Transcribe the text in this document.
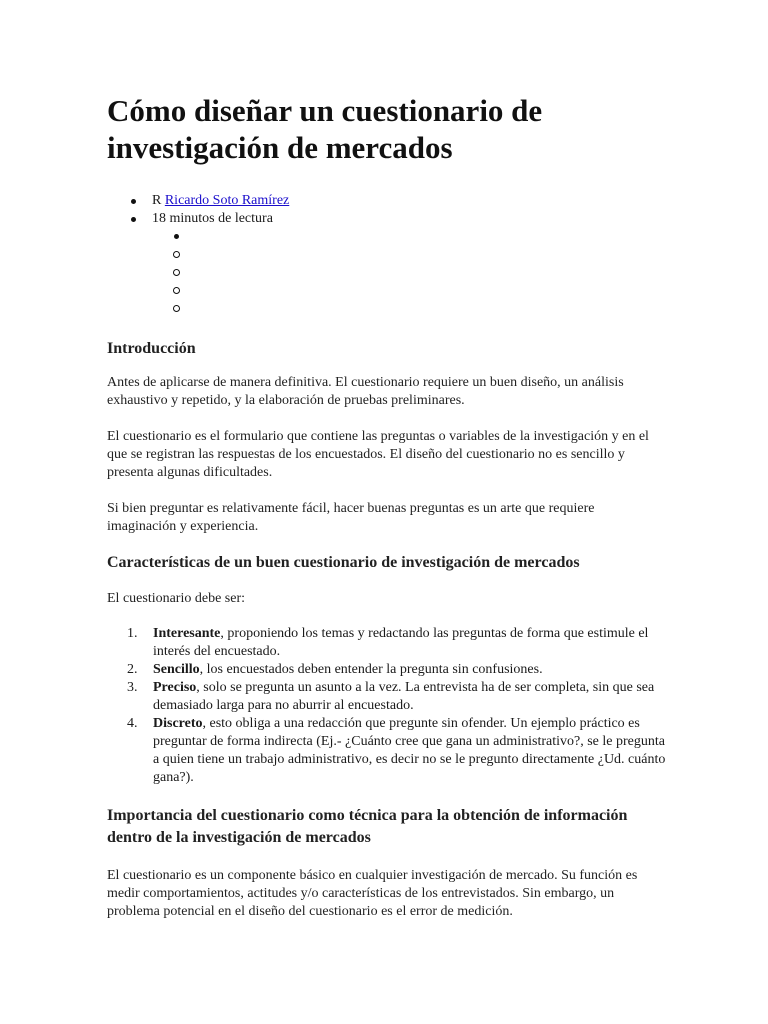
Cómo diseñar un cuestionario de investigación de mercados
R Ricardo Soto Ramírez
18 minutos de lectura
Introducción

Antes de aplicarse de manera definitiva. El cuestionario requiere un buen diseño, un análisis exhaustivo y repetido, y la elaboración de pruebas preliminares.

El cuestionario es el formulario que contiene las preguntas o variables de la investigación y en el que se registran las respuestas de los encuestados. El diseño del cuestionario no es sencillo y presenta algunas dificultades.

Si bien preguntar es relativamente fácil, hacer buenas preguntas es un arte que requiere imaginación y experiencia.

Características de un buen cuestionario de investigación de mercados

El cuestionario debe ser:

1. Interesante, proponiendo los temas y redactando las preguntas de forma que estimule el interés del encuestado.
2. Sencillo, los encuestados deben entender la pregunta sin confusiones.
3. Preciso, solo se pregunta un asunto a la vez. La entrevista ha de ser completa, sin que sea demasiado larga para no aburrir al encuestado.
4. Discreto, esto obliga a una redacción que pregunte sin ofender. Un ejemplo práctico es preguntar de forma indirecta (Ej.- ¿Cuánto cree que gana un administrativo?, se le pregunta a quien tiene un trabajo administrativo, es decir no se le pregunto directamente ¿Ud. cuánto gana?).
Importancia del cuestionario como técnica para la obtención de información dentro de la investigación de mercados

El cuestionario es un componente básico en cualquier investigación de mercado. Su función es medir comportamientos, actitudes y/o características de los entrevistados. Sin embargo, un problema potencial en el diseño del cuestionario es el error de medición.
